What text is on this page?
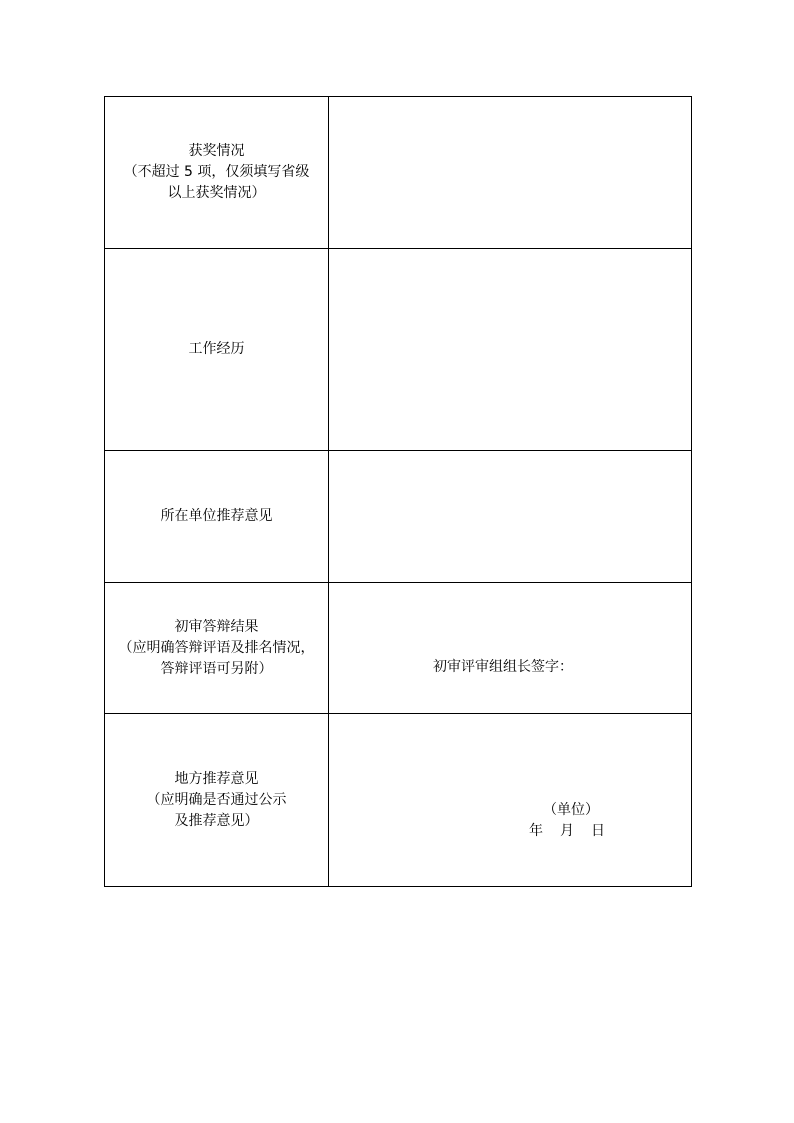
获奖情况
（不超过 5 项，仅须填写省级
以上获奖情况）	

工作经历	

所在单位推荐意见	

初审答辩结果
（应明确答辩评语及排名情况，
答辩评语可另附）	初审评审组组长签字：

地方推荐意见
（应明确是否通过公示
及推荐意见）	（单位）
年 月 日
